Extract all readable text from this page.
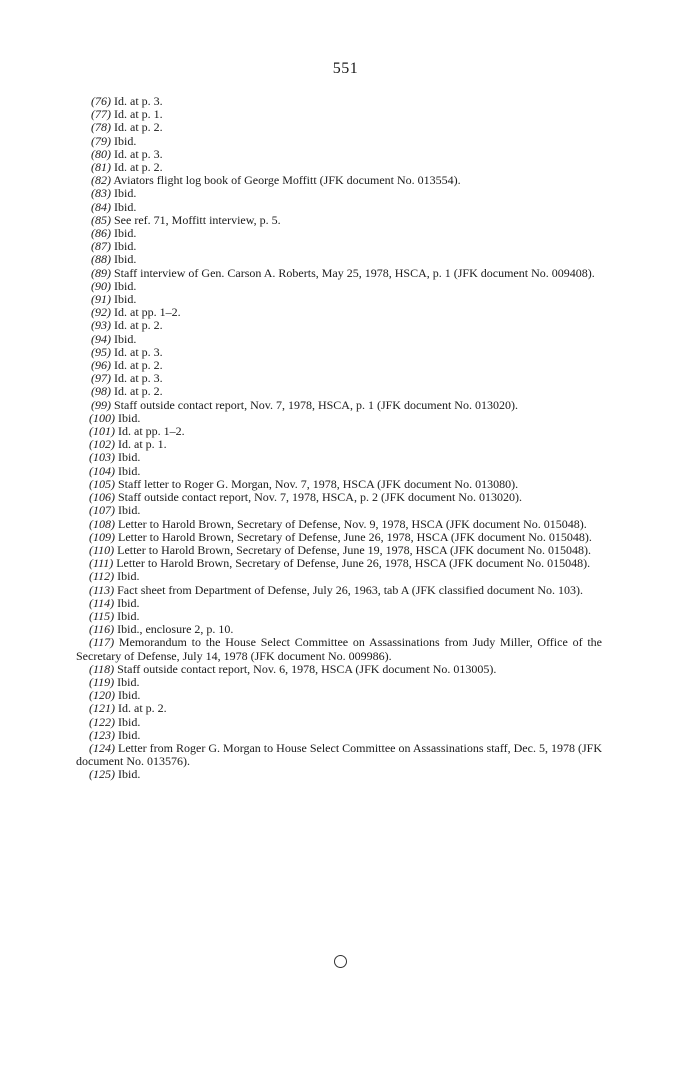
551

(76) Id. at p. 3.

(77) Id. at p. 1.

(78) Id. at p. 2.

(79) Ibid.

(80) Id. at p. 3.

(81) Id. at p. 2.

(82) Aviators flight log book of George Moffitt (JFK document No. 013554).

(83) Ibid.

(84) Ibid.

(85) See ref. 71, Moffitt interview, p. 5.

(86) Ibid.

(87) Ibid.

(88) Ibid.

(89) Staff interview of Gen. Carson A. Roberts, May 25, 1978, HSCA, p. 1 (JFK document No. 009408).

(90) Ibid.

(91) Ibid.

(92) Id. at pp. 1–2.

(93) Id. at p. 2.

(94) Ibid.

(95) Id. at p. 3.

(96) Id. at p. 2.

(97) Id. at p. 3.

(98) Id. at p. 2.

(99) Staff outside contact report, Nov. 7, 1978, HSCA, p. 1 (JFK document No. 013020).

(100) Ibid.

(101) Id. at pp. 1–2.

(102) Id. at p. 1.

(103) Ibid.

(104) Ibid.

(105) Staff letter to Roger G. Morgan, Nov. 7, 1978, HSCA (JFK document No. 013080).

(106) Staff outside contact report, Nov. 7, 1978, HSCA, p. 2 (JFK document No. 013020).

(107) Ibid.

(108) Letter to Harold Brown, Secretary of Defense, Nov. 9, 1978, HSCA (JFK document No. 015048).

(109) Letter to Harold Brown, Secretary of Defense, June 26, 1978, HSCA (JFK document No. 015048).

(110) Letter to Harold Brown, Secretary of Defense, June 19, 1978, HSCA (JFK document No. 015048).

(111) Letter to Harold Brown, Secretary of Defense, June 26, 1978, HSCA (JFK document No. 015048).

(112) Ibid.

(113) Fact sheet from Department of Defense, July 26, 1963, tab A (JFK classified document No. 103).

(114) Ibid.

(115) Ibid.

(116) Ibid., enclosure 2, p. 10.

(117) Memorandum to the House Select Committee on Assassinations from Judy Miller, Office of the Secretary of Defense, July 14, 1978 (JFK document No. 009986).

(118) Staff outside contact report, Nov. 6, 1978, HSCA (JFK document No. 013005).

(119) Ibid.

(120) Ibid.

(121) Id. at p. 2.

(122) Ibid.

(123) Ibid.

(124) Letter from Roger G. Morgan to House Select Committee on Assassinations staff, Dec. 5, 1978 (JFK document No. 013576).

(125) Ibid.
